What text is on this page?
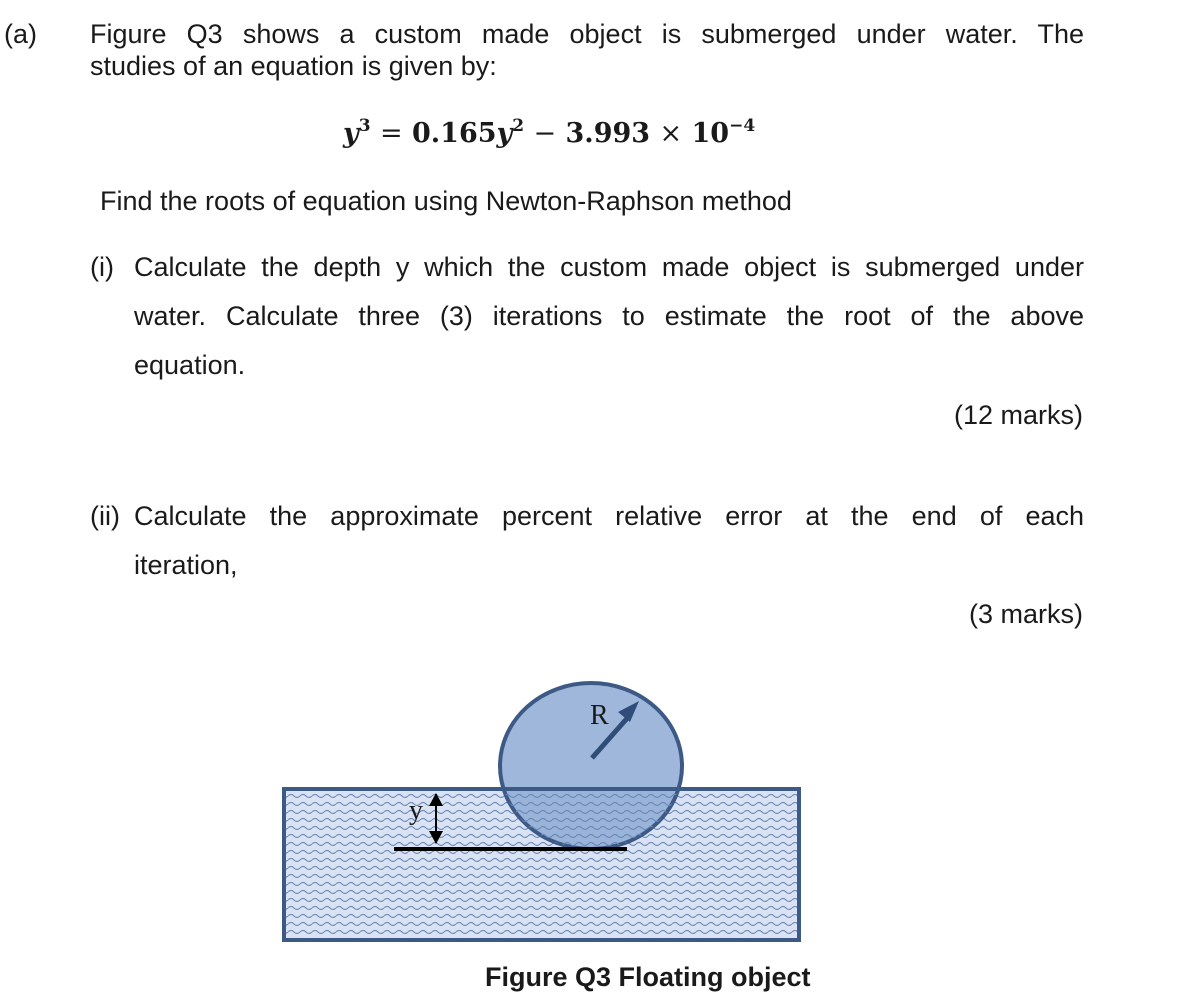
(a) Figure Q3 shows a custom made object is submerged under water. The
studies of an equation is given by:
$y^3 = 0.165y^2 - 3.993 \times 10^{-4}$
Find the roots of equation using Newton-Raphson method
(i) Calculate the depth y which the custom made object is submerged under
water. Calculate three (3) iterations to estimate the root of the above
equation.
(12 marks)
(ii) Calculate the approximate percent relative error at the end of each
iteration,
(3 marks)
R
y
Figure Q3 Floating object
